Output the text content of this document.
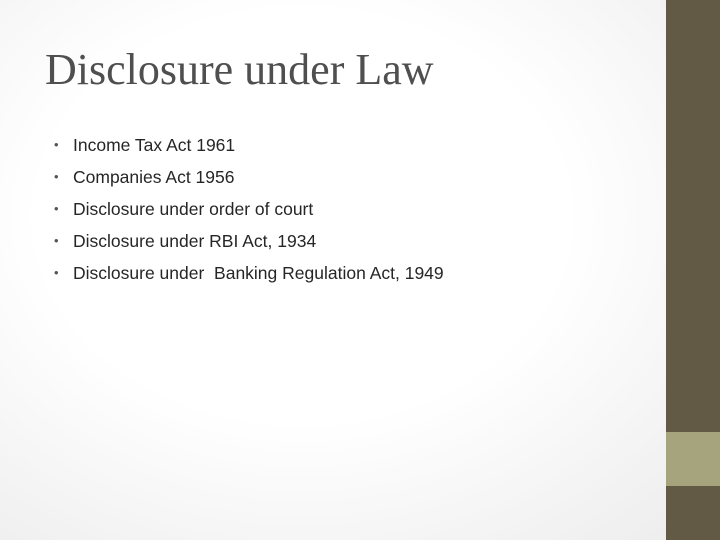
Disclosure under Law

•

Income Tax Act 1961

•

Companies Act 1956

•

Disclosure under order of court

•

Disclosure under RBI Act, 1934

•

Disclosure under  Banking Regulation Act, 1949
